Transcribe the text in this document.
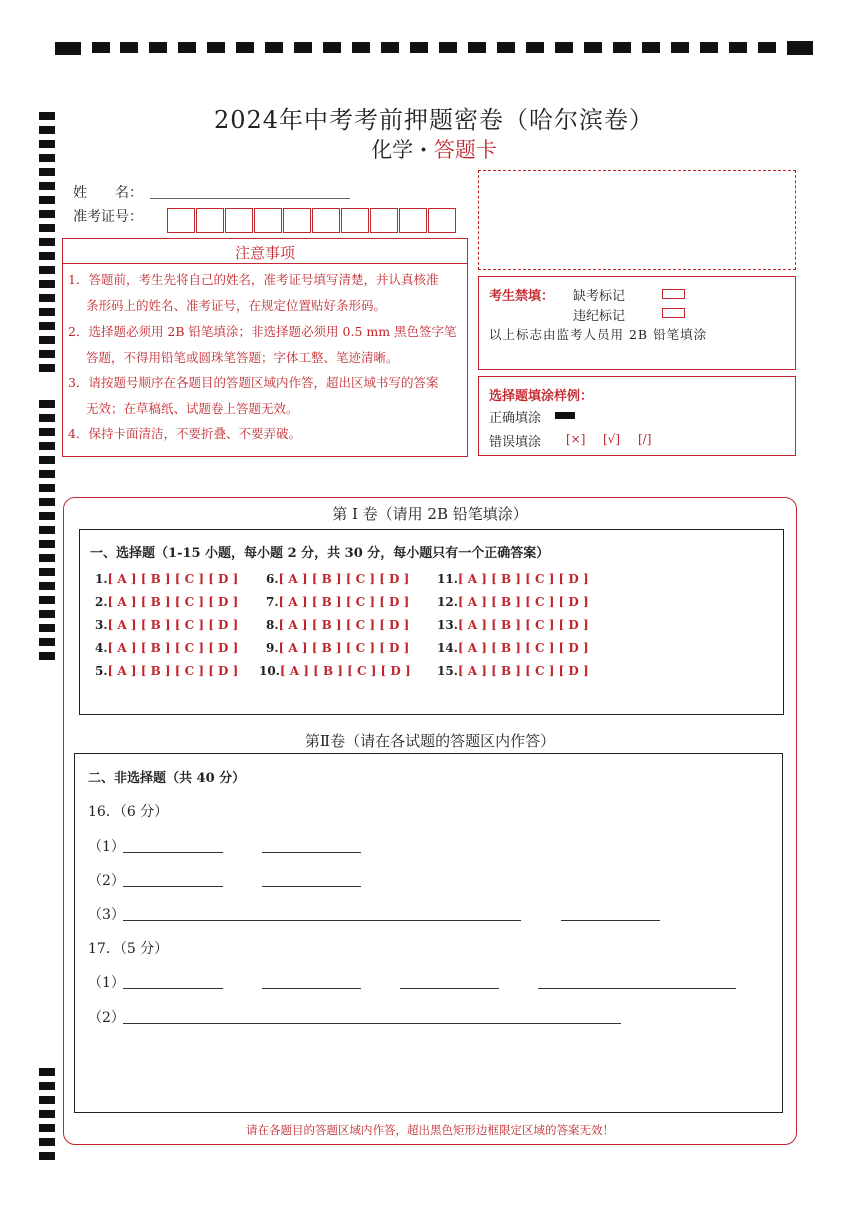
2024年中考考前押题密卷（哈尔滨卷）
化学 · 答题卡
姓　　名：
准考证号：
注意事项
1．答题前，考生先将自己的姓名，准考证号填写清楚，并认真核准
条形码上的姓名、准考证号，在规定位置贴好条形码。
2．选择题必须用 2B 铅笔填涂；非选择题必须用 0.5 mm 黑色签字笔
答题，不得用铅笔或圆珠笔答题；字体工整、笔迹清晰。
3．请按题号顺序在各题目的答题区域内作答，超出区域书写的答案
无效；在草稿纸、试题卷上答题无效。
4．保持卡面清洁，不要折叠、不要弄破。
考生禁填： 缺考标记
违纪标记
以上标志由监考人员用 2B 铅笔填涂
选择题填涂样例：
正确填涂
错误填涂 [×] [√] [/]
第 I 卷（请用 2B 铅笔填涂）
一、选择题（1-15 小题，每小题 2 分，共 30 分，每小题只有一个正确答案）
1.[ A ] [ B ] [ C ] [ D ]
2.[ A ] [ B ] [ C ] [ D ]
3.[ A ] [ B ] [ C ] [ D ]
4.[ A ] [ B ] [ C ] [ D ]
5.[ A ] [ B ] [ C ] [ D ]
6.[ A ] [ B ] [ C ] [ D ]
7.[ A ] [ B ] [ C ] [ D ]
8.[ A ] [ B ] [ C ] [ D ]
9.[ A ] [ B ] [ C ] [ D ]
10.[ A ] [ B ] [ C ] [ D ]
11.[ A ] [ B ] [ C ] [ D ]
12.[ A ] [ B ] [ C ] [ D ]
13.[ A ] [ B ] [ C ] [ D ]
14.[ A ] [ B ] [ C ] [ D ]
15.[ A ] [ B ] [ C ] [ D ]
第Ⅱ卷（请在各试题的答题区内作答）
二、非选择题（共 40 分）
16．（6 分）
（1）
（2）
（3）
17．（5 分）
（1）
（2）
请在各题目的答题区域内作答，超出黑色矩形边框限定区域的答案无效！
